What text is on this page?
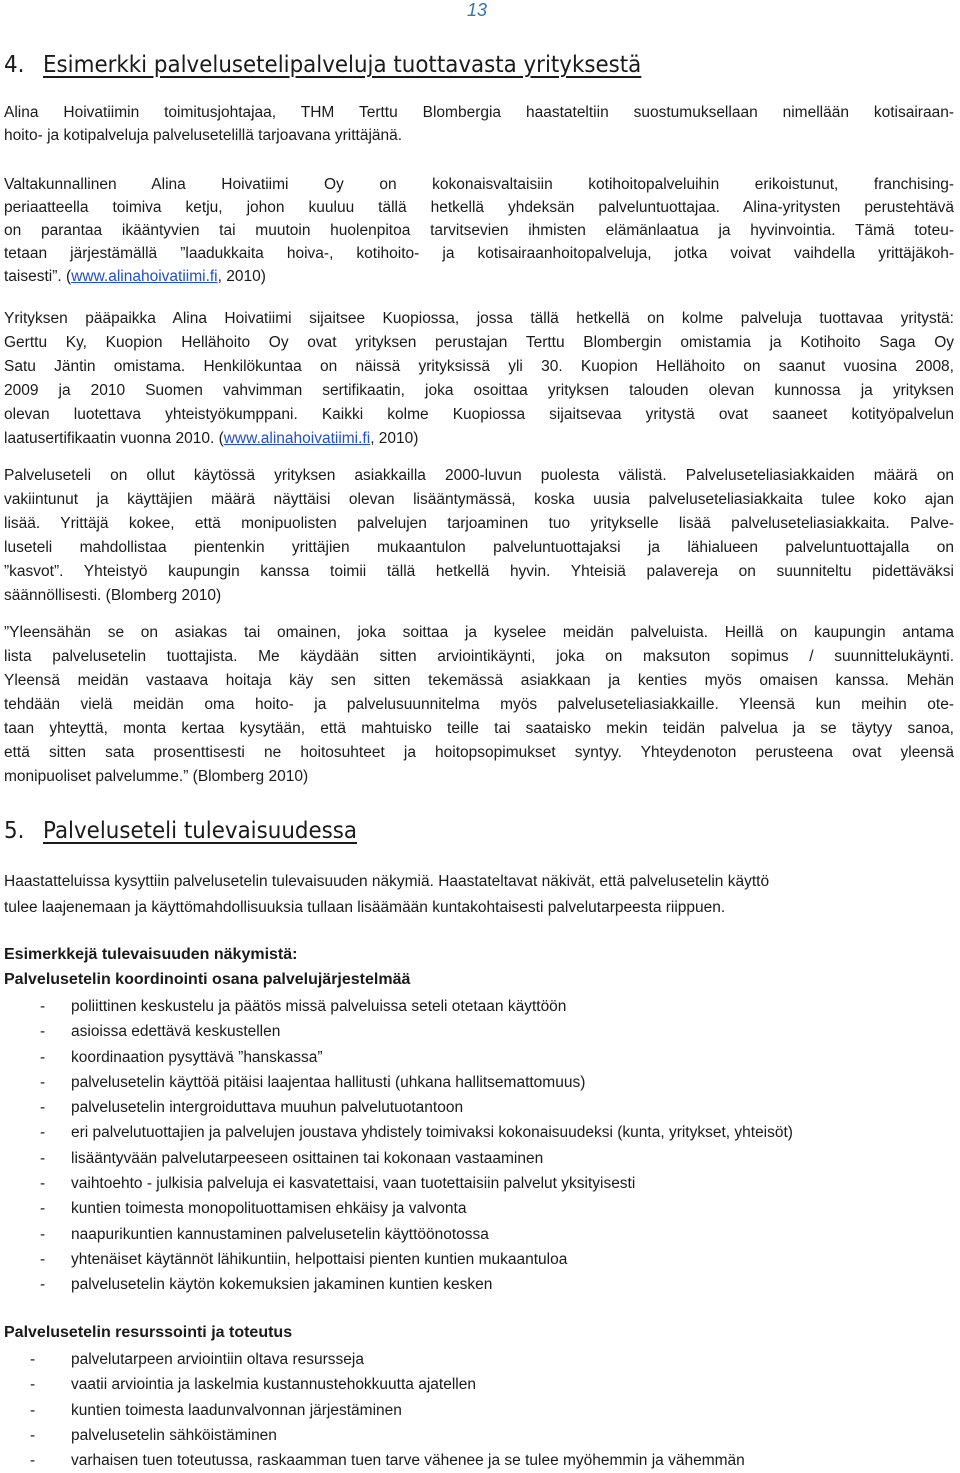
13
4. Esimerkki palvelusetelipalveluja tuottavasta yrityksestä
Alina Hoivatiimin toimitusjohtajaa, THM Terttu Blombergia haastateltiin suostumuksellaan nimellään kotisairaan-
hoito- ja kotipalveluja palvelusetelillä tarjoavana yrittäjänä.
Valtakunnallinen Alina Hoivatiimi Oy on kokonaisvaltaisiin kotihoitopalveluihin erikoistunut, franchising-
periaatteella toimiva ketju, johon kuuluu tällä hetkellä yhdeksän palveluntuottajaa. Alina-yritysten perustehtävä
on parantaa ikääntyvien tai muutoin huolenpitoa tarvitsevien ihmisten elämänlaatua ja hyvinvointia. Tämä toteu-
tetaan järjestämällä ”laadukkaita hoiva-, kotihoito- ja kotisairaanhoitopalveluja, jotka voivat vaihdella yrittäjäkoh-
taisesti”. (www.alinahoivatiimi.fi, 2010)
Yrityksen pääpaikka Alina Hoivatiimi sijaitsee Kuopiossa, jossa tällä hetkellä on kolme palveluja tuottavaa yritystä:
Gerttu Ky, Kuopion Hellähoito Oy ovat yrityksen perustajan Terttu Blombergin omistamia ja Kotihoito Saga Oy
Satu Jäntin omistama. Henkilökuntaa on näissä yrityksissä yli 30. Kuopion Hellähoito on saanut vuosina 2008,
2009 ja 2010 Suomen vahvimman sertifikaatin, joka osoittaa yrityksen talouden olevan kunnossa ja yrityksen
olevan luotettava yhteistyökumppani. Kaikki kolme Kuopiossa sijaitsevaa yritystä ovat saaneet kotityöpalvelun
laatusertifikaatin vuonna 2010. (www.alinahoivatiimi.fi, 2010)
Palveluseteli on ollut käytössä yrityksen asiakkailla 2000-luvun puolesta välistä. Palveluseteliasiakkaiden määrä on
vakiintunut ja käyttäjien määrä näyttäisi olevan lisääntymässä, koska uusia palveluseteliasiakkaita tulee koko ajan
lisää. Yrittäjä kokee, että monipuolisten palvelujen tarjoaminen tuo yritykselle lisää palveluseteliasiakkaita. Palve-
luseteli mahdollistaa pientenkin yrittäjien mukaantulon palveluntuottajaksi ja lähialueen palveluntuottajalla on
”kasvot”. Yhteistyö kaupungin kanssa toimii tällä hetkellä hyvin. Yhteisiä palavereja on suunniteltu pidettäväksi
säännöllisesti. (Blomberg 2010)
”Yleensähän se on asiakas tai omainen, joka soittaa ja kyselee meidän palveluista. Heillä on kaupungin antama
lista palvelusetelin tuottajista. Me käydään sitten arviointikäynti, joka on maksuton sopimus / suunnittelukäynti.
Yleensä meidän vastaava hoitaja käy sen sitten tekemässä asiakkaan ja kenties myös omaisen kanssa. Mehän
tehdään vielä meidän oma hoito- ja palvelusuunnitelma myös palveluseteliasiakkaille. Yleensä kun meihin ote-
taan yhteyttä, monta kertaa kysytään, että mahtuisko teille tai saataisko mekin teidän palvelua ja se täytyy sanoa,
että sitten sata prosenttisesti ne hoitosuhteet ja hoitopsopimukset syntyy. Yhteydenoton perusteena ovat yleensä
monipuoliset palvelumme.” (Blomberg 2010)
5. Palveluseteli tulevaisuudessa
Haastatteluissa kysyttiin palvelusetelin tulevaisuuden näkymiä. Haastateltavat näkivät, että palvelusetelin käyttö
tulee laajenemaan ja käyttömahdollisuuksia tullaan lisäämään kuntakohtaisesti palvelutarpeesta riippuen.

Esimerkkejä tulevaisuuden näkymistä:

Palvelusetelin koordinointi osana palvelujärjestelmää

- poliittinen keskustelu ja päätös missä palveluissa seteli otetaan käyttöön
- asioissa edettävä keskustellen
- koordinaation pysyttävä ”hanskassa”
- palvelusetelin käyttöä pitäisi laajentaa hallitusti (uhkana hallitsemattomuus)
- palvelusetelin intergroiduttava muuhun palvelutuotantoon
- eri palvelutuottajien ja palvelujen joustava yhdistely toimivaksi kokonaisuudeksi (kunta, yritykset, yhteisöt)
- lisääntyvään palvelutarpeeseen osittainen tai kokonaan vastaaminen
- vaihtoehto - julkisia palveluja ei kasvatettaisi, vaan tuotettaisiin palvelut yksityisesti
- kuntien toimesta monopolituottamisen ehkäisy ja valvonta
- naapurikuntien kannustaminen palvelusetelin käyttöönotossa
- yhtenäiset käytännöt lähikuntiin, helpottaisi pienten kuntien mukaantuloa
- palvelusetelin käytön kokemuksien jakaminen kuntien kesken

Palvelusetelin resurssointi ja toteutus

- palvelutarpeen arviointiin oltava resursseja
- vaatii arviointia ja laskelmia kustannustehokkuutta ajatellen
- kuntien toimesta laadunvalvonnan järjestäminen
- palvelusetelin sähköistäminen
- varhaisen tuen toteutussa, raskaamman tuen tarve vähenee ja se tulee myöhemmin ja vähemmän
